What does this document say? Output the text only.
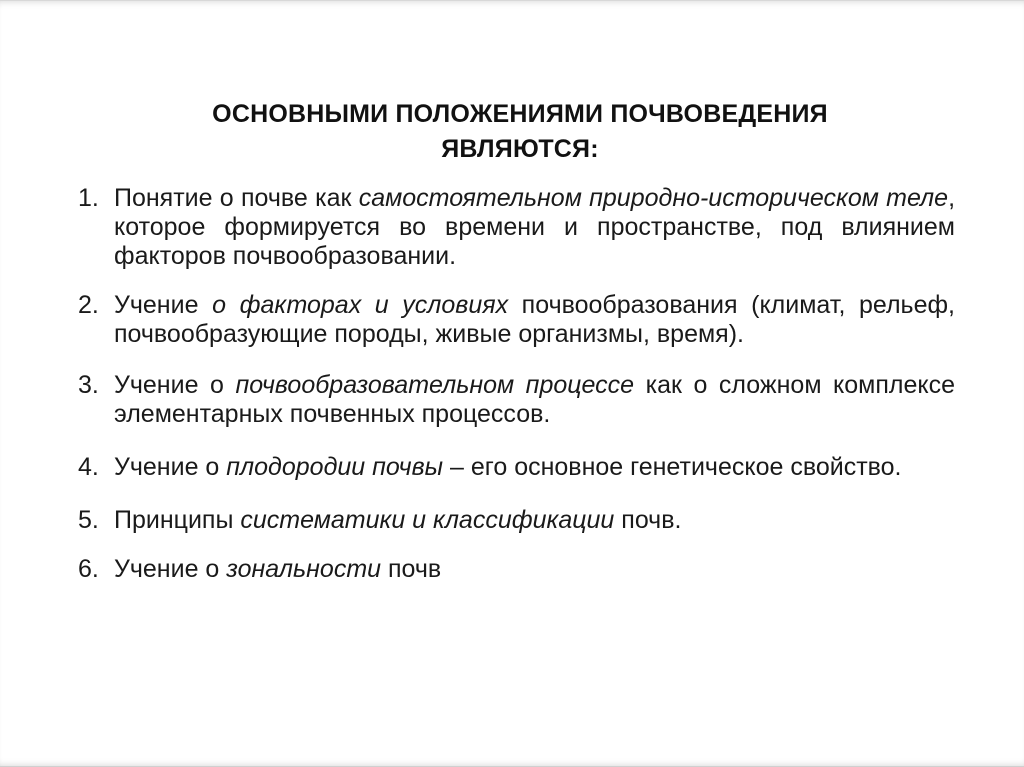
ОСНОВНЫМИ ПОЛОЖЕНИЯМИ ПОЧВОВЕДЕНИЯ
ЯВЛЯЮТСЯ:
1. Понятие о почве как самостоятельном природно-историческом теле, которое формируется во времени и пространстве, под влиянием факторов почвообразовании.
2. Учение о факторах и условиях почвообразования (климат, рельеф, почвообразующие породы, живые организмы, время).
3. Учение о почвообразовательном процессе как о сложном комплексе элементарных почвенных процессов.
4. Учение о плодородии почвы – его основное генетическое свойство.
5. Принципы систематики и классификации почв.
6. Учение о зональности почв
